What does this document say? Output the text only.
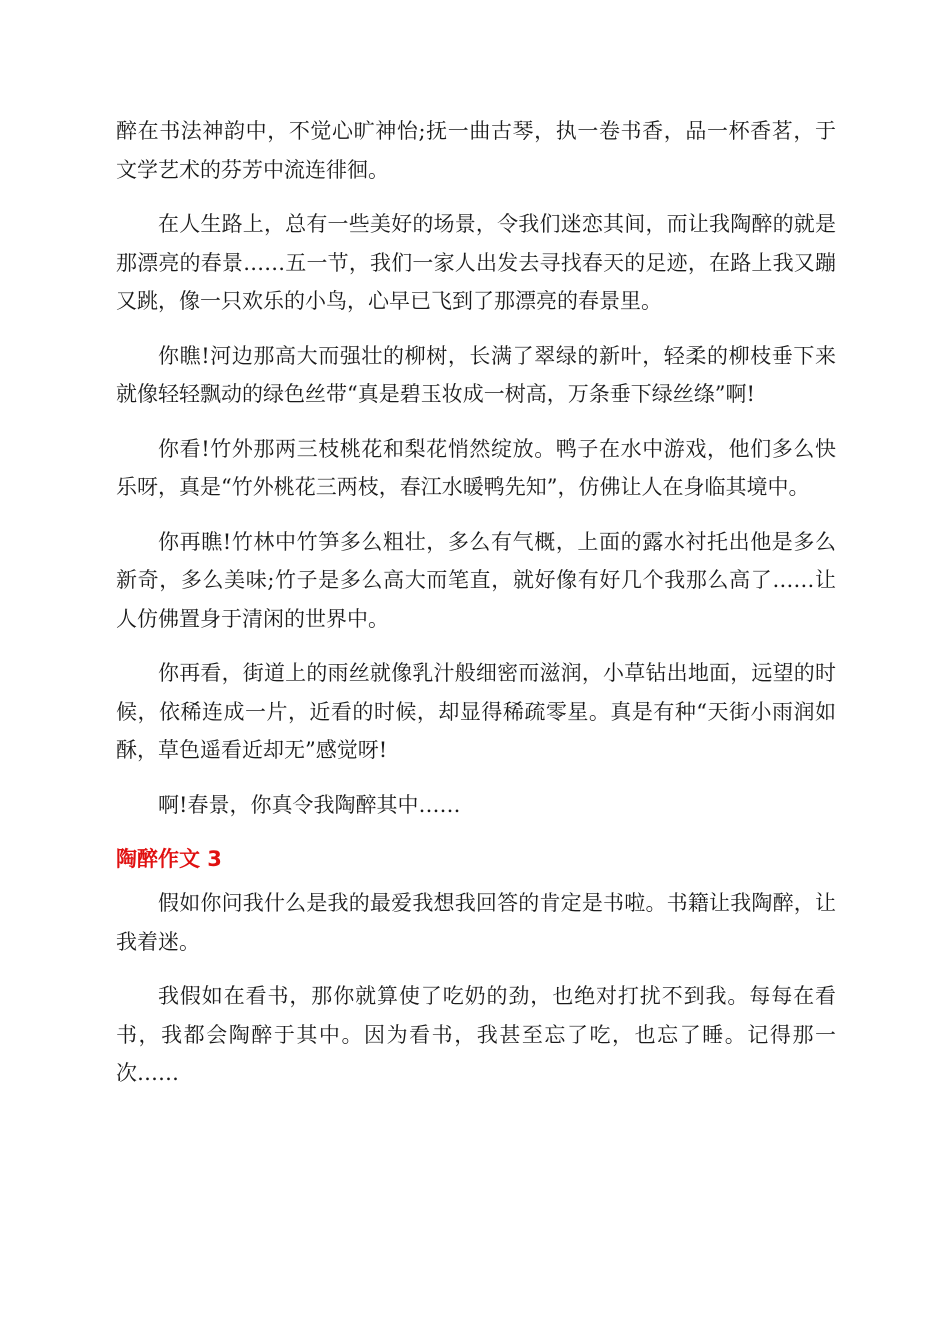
醉在书法神韵中，不觉心旷神怡;抚一曲古琴，执一卷书香，品一杯香茗，于文学艺术的芬芳中流连徘徊。

在人生路上，总有一些美好的场景，令我们迷恋其间，而让我陶醉的就是那漂亮的春景……五一节，我们一家人出发去寻找春天的足迹，在路上我又蹦又跳，像一只欢乐的小鸟，心早已飞到了那漂亮的春景里。

你瞧!河边那高大而强壮的柳树，长满了翠绿的新叶，轻柔的柳枝垂下来就像轻轻飘动的绿色丝带“真是碧玉妆成一树高，万条垂下绿丝绦”啊!

你看!竹外那两三枝桃花和梨花悄然绽放。鸭子在水中游戏，他们多么快乐呀，真是“竹外桃花三两枝，春江水暖鸭先知”，仿佛让人在身临其境中。

你再瞧!竹林中竹笋多么粗壮，多么有气概，上面的露水衬托出他是多么新奇，多么美味;竹子是多么高大而笔直，就好像有好几个我那么高了……让人仿佛置身于清闲的世界中。

你再看，街道上的雨丝就像乳汁般细密而滋润，小草钻出地面，远望的时候，依稀连成一片，近看的时候，却显得稀疏零星。真是有种“天街小雨润如酥，草色遥看近却无”感觉呀!

啊!春景，你真令我陶醉其中……

陶醉作文 3

假如你问我什么是我的最爱我想我回答的肯定是书啦。书籍让我陶醉，让我着迷。

我假如在看书，那你就算使了吃奶的劲，也绝对打扰不到我。每每在看书，我都会陶醉于其中。因为看书，我甚至忘了吃，也忘了睡。记得那一次……
